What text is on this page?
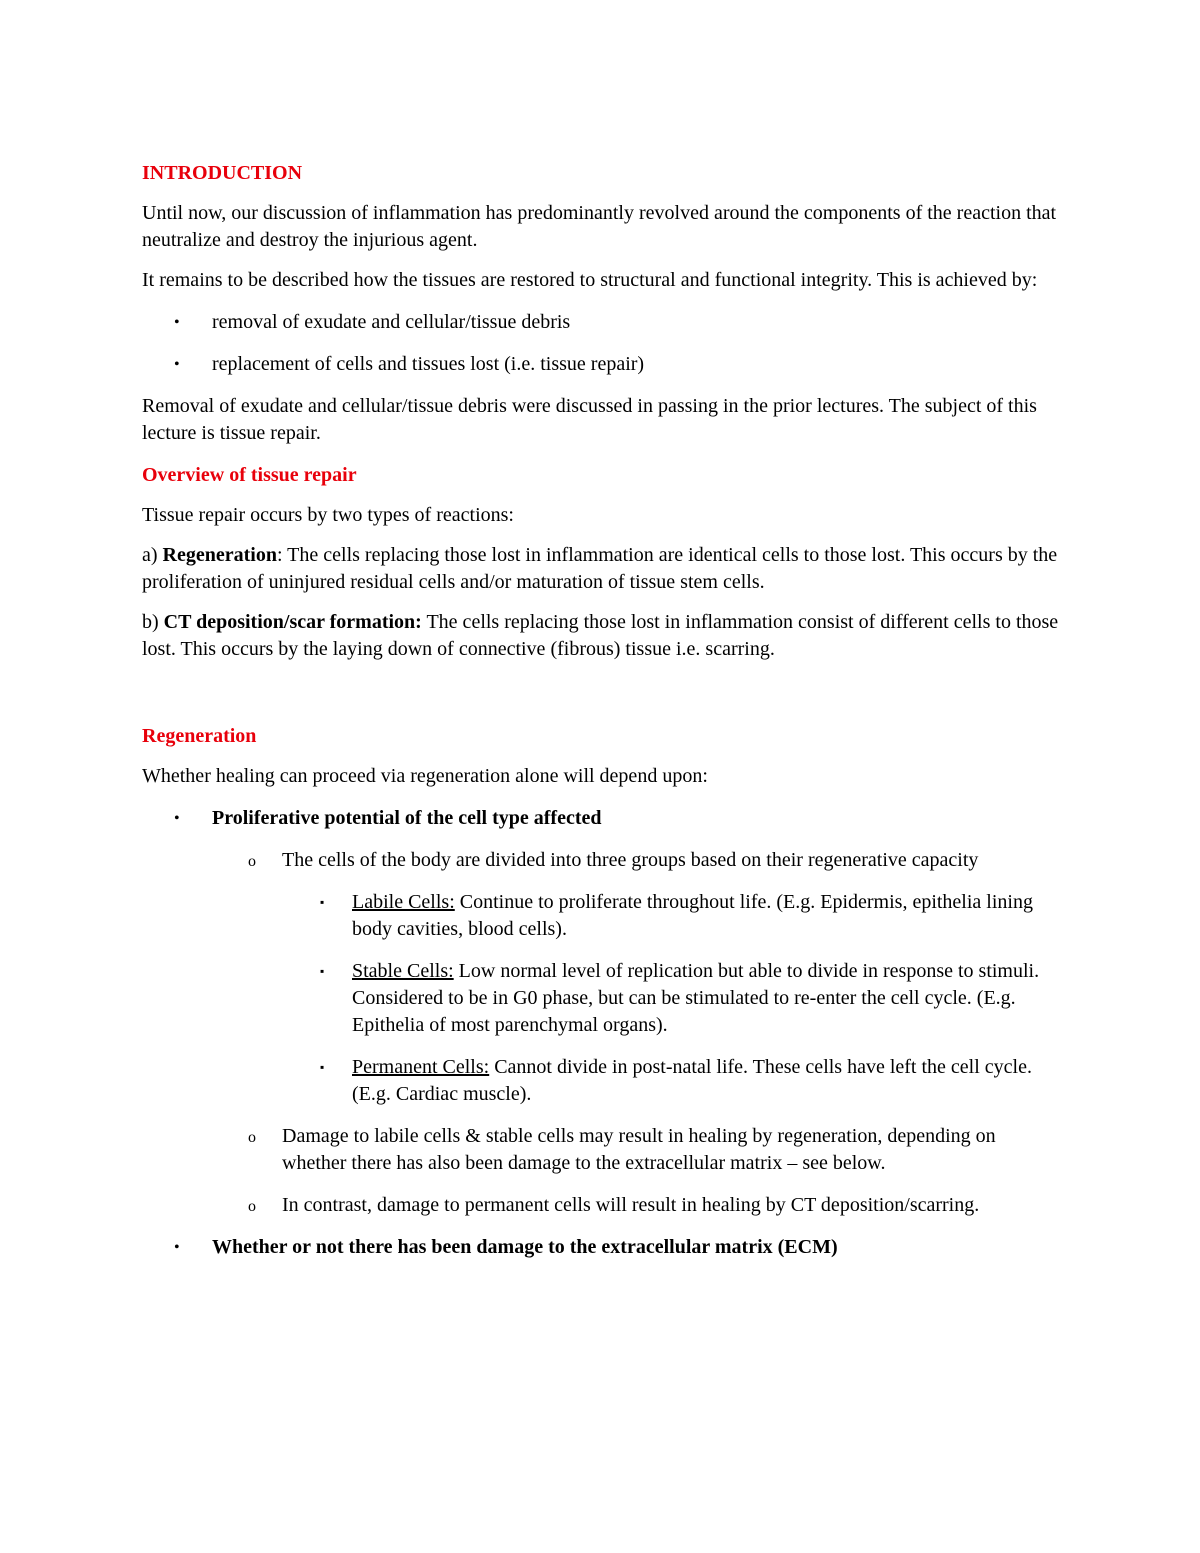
INTRODUCTION

Until now, our discussion of inflammation has predominantly revolved around the components of the reaction that neutralize and destroy the injurious agent.

It remains to be described how the tissues are restored to structural and functional integrity. This is achieved by:

• removal of exudate and cellular/tissue debris
• replacement of cells and tissues lost (i.e. tissue repair)

Removal of exudate and cellular/tissue debris were discussed in passing in the prior lectures. The subject of this lecture is tissue repair.

Overview of tissue repair

Tissue repair occurs by two types of reactions:

a) Regeneration: The cells replacing those lost in inflammation are identical cells to those lost. This occurs by the proliferation of uninjured residual cells and/or maturation of tissue stem cells.

b) CT deposition/scar formation: The cells replacing those lost in inflammation consist of different cells to those lost. This occurs by the laying down of connective (fibrous) tissue i.e. scarring.

Regeneration

Whether healing can proceed via regeneration alone will depend upon:

• Proliferative potential of the cell type affected
o The cells of the body are divided into three groups based on their regenerative capacity
▪ Labile Cells: Continue to proliferate throughout life. (E.g. Epidermis, epithelia lining body cavities, blood cells).
▪ Stable Cells: Low normal level of replication but able to divide in response to stimuli. Considered to be in G0 phase, but can be stimulated to re-enter the cell cycle. (E.g. Epithelia of most parenchymal organs).
▪ Permanent Cells: Cannot divide in post-natal life. These cells have left the cell cycle. (E.g. Cardiac muscle).
o Damage to labile cells & stable cells may result in healing by regeneration, depending on whether there has also been damage to the extracellular matrix – see below.
o In contrast, damage to permanent cells will result in healing by CT deposition/scarring.
• Whether or not there has been damage to the extracellular matrix (ECM)
